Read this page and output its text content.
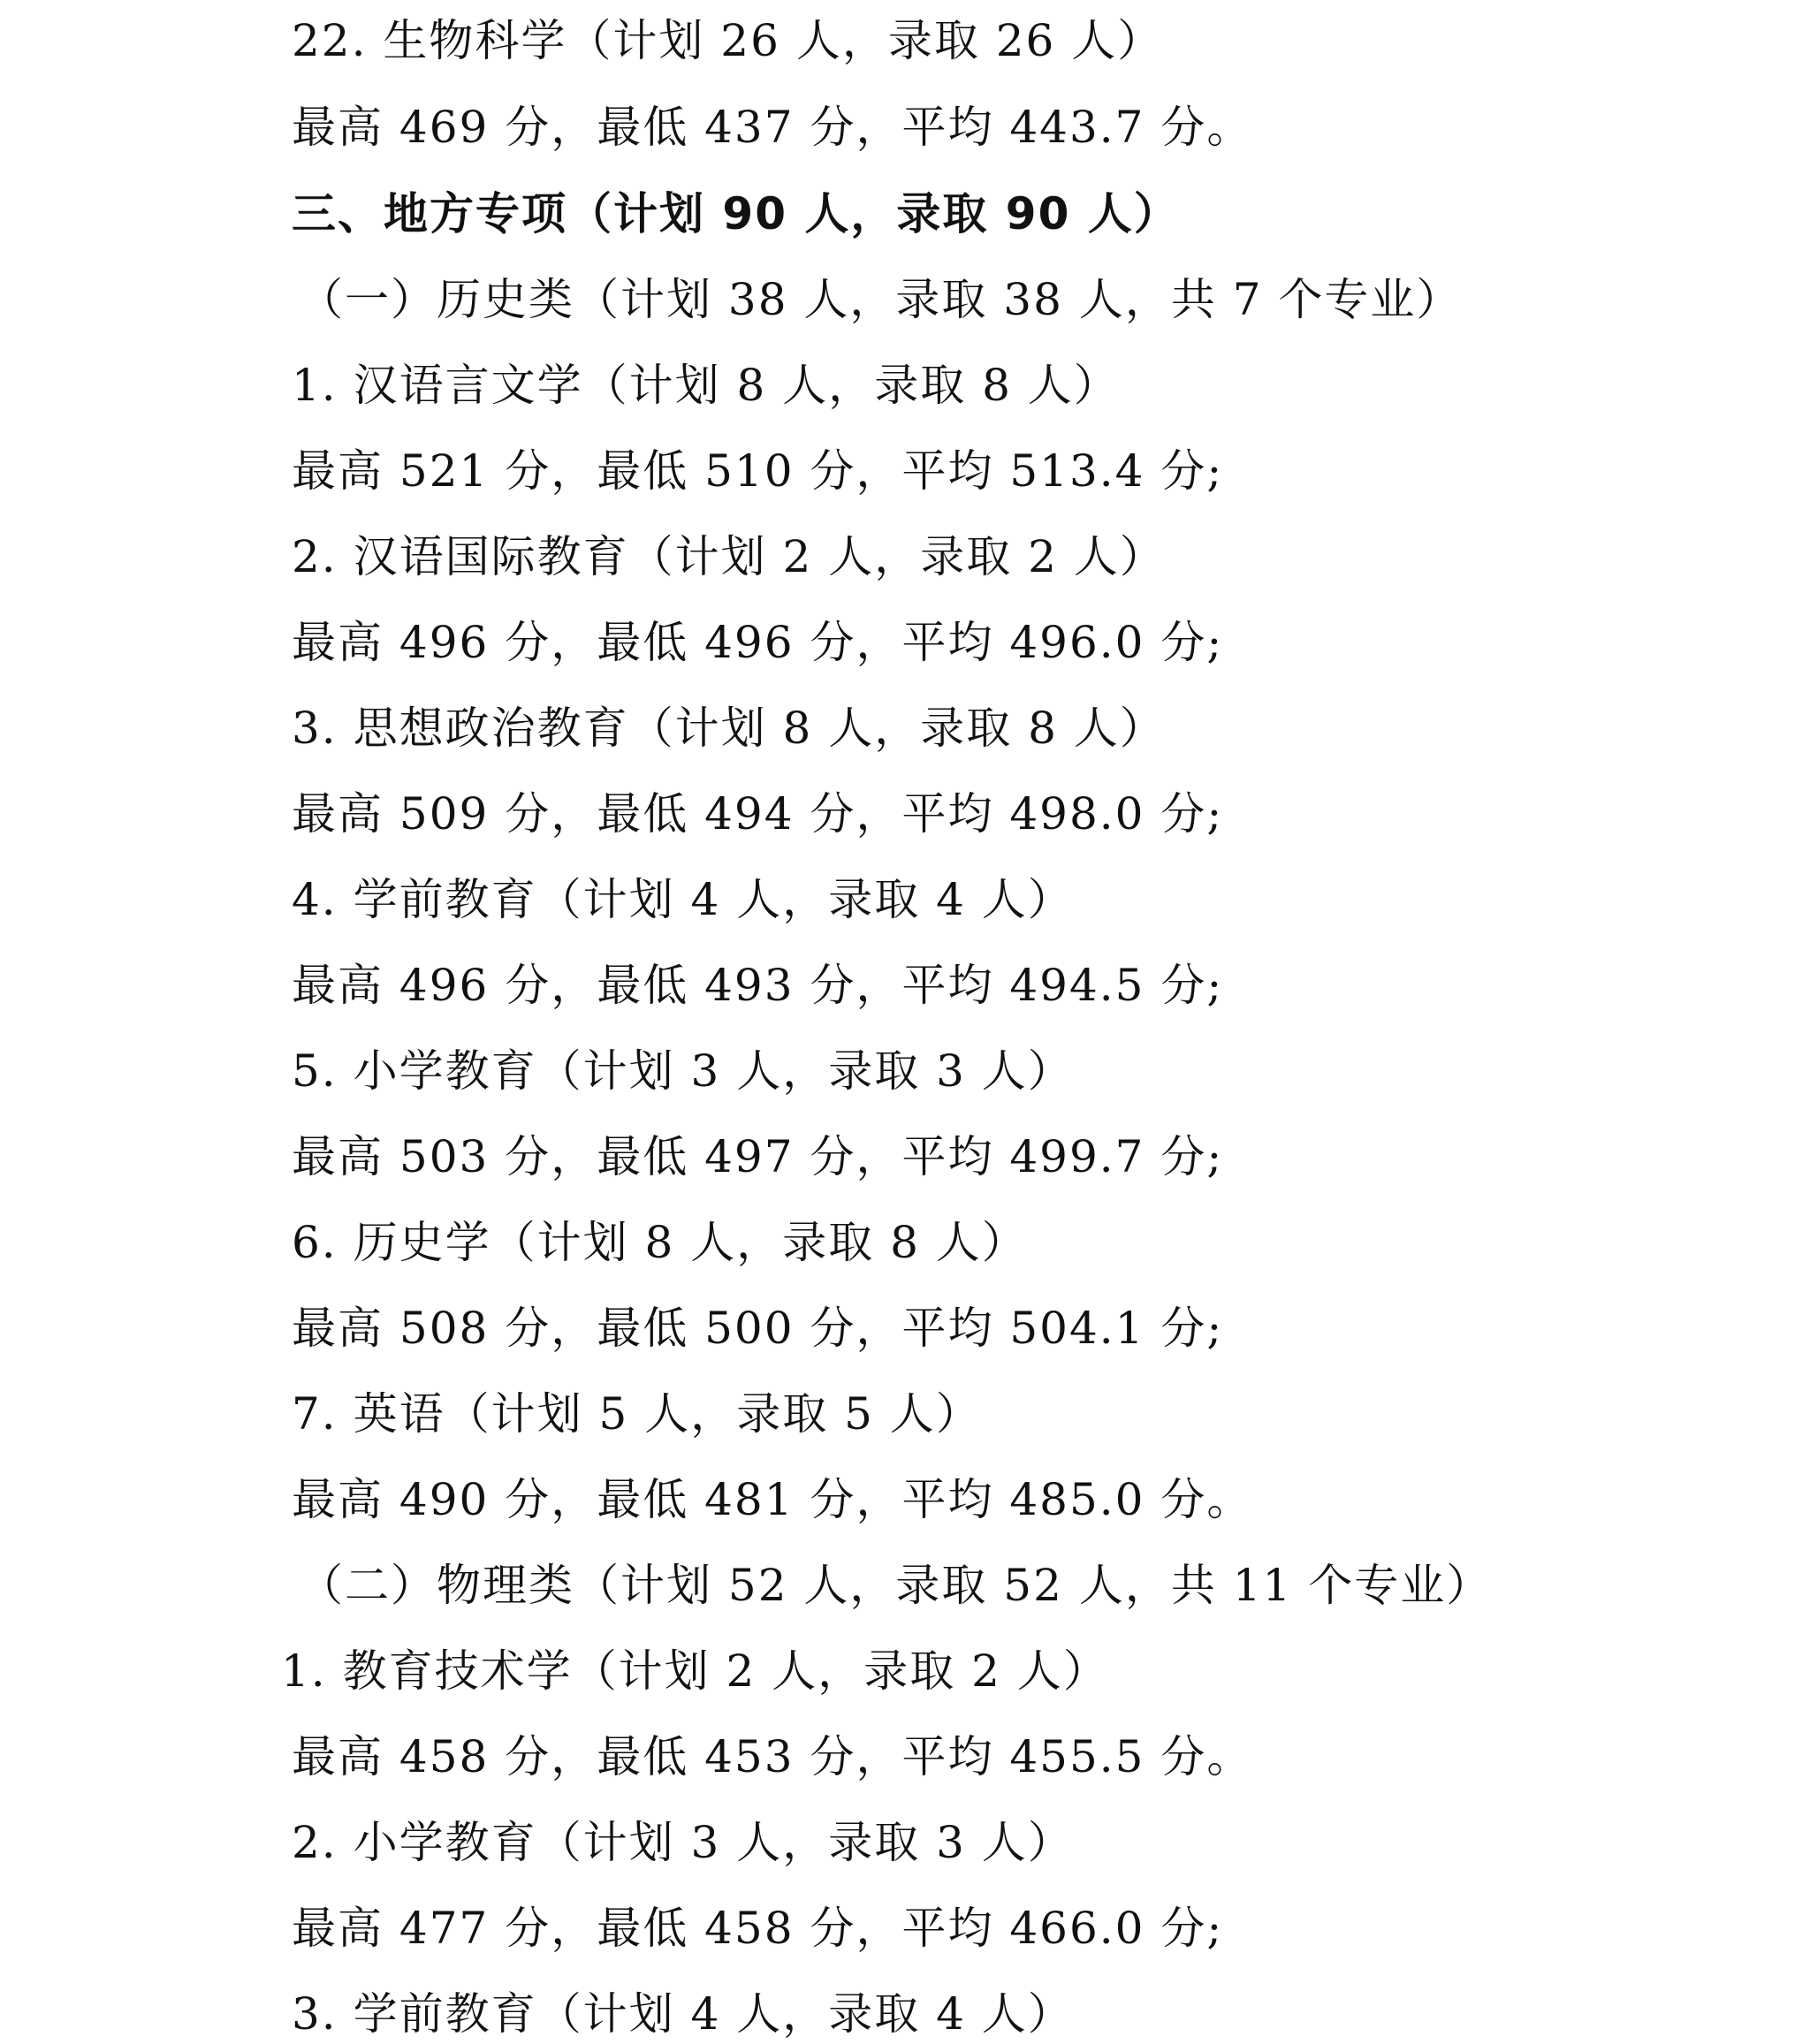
22. 生物科学（计划 26 人，录取 26 人）
最高 469 分，最低 437 分，平均 443.7 分。
三、地方专项（计划 90 人，录取 90 人）
（一）历史类（计划 38 人，录取 38 人，共 7 个专业）
1. 汉语言文学（计划 8 人，录取 8 人）
最高 521 分，最低 510 分，平均 513.4 分;
2. 汉语国际教育（计划 2 人，录取 2 人）
最高 496 分，最低 496 分，平均 496.0 分;
3. 思想政治教育（计划 8 人，录取 8 人）
最高 509 分，最低 494 分，平均 498.0 分;
4. 学前教育（计划 4 人，录取 4 人）
最高 496 分，最低 493 分，平均 494.5 分;
5. 小学教育（计划 3 人，录取 3 人）
最高 503 分，最低 497 分，平均 499.7 分;
6. 历史学（计划 8 人，录取 8 人）
最高 508 分，最低 500 分，平均 504.1 分;
7. 英语（计划 5 人，录取 5 人）
最高 490 分，最低 481 分，平均 485.0 分。
（二）物理类（计划 52 人，录取 52 人，共 11 个专业）
1. 教育技术学（计划 2 人，录取 2 人）
最高 458 分，最低 453 分，平均 455.5 分。
2. 小学教育（计划 3 人，录取 3 人）
最高 477 分，最低 458 分，平均 466.0 分;
3. 学前教育（计划 4 人，录取 4 人）
